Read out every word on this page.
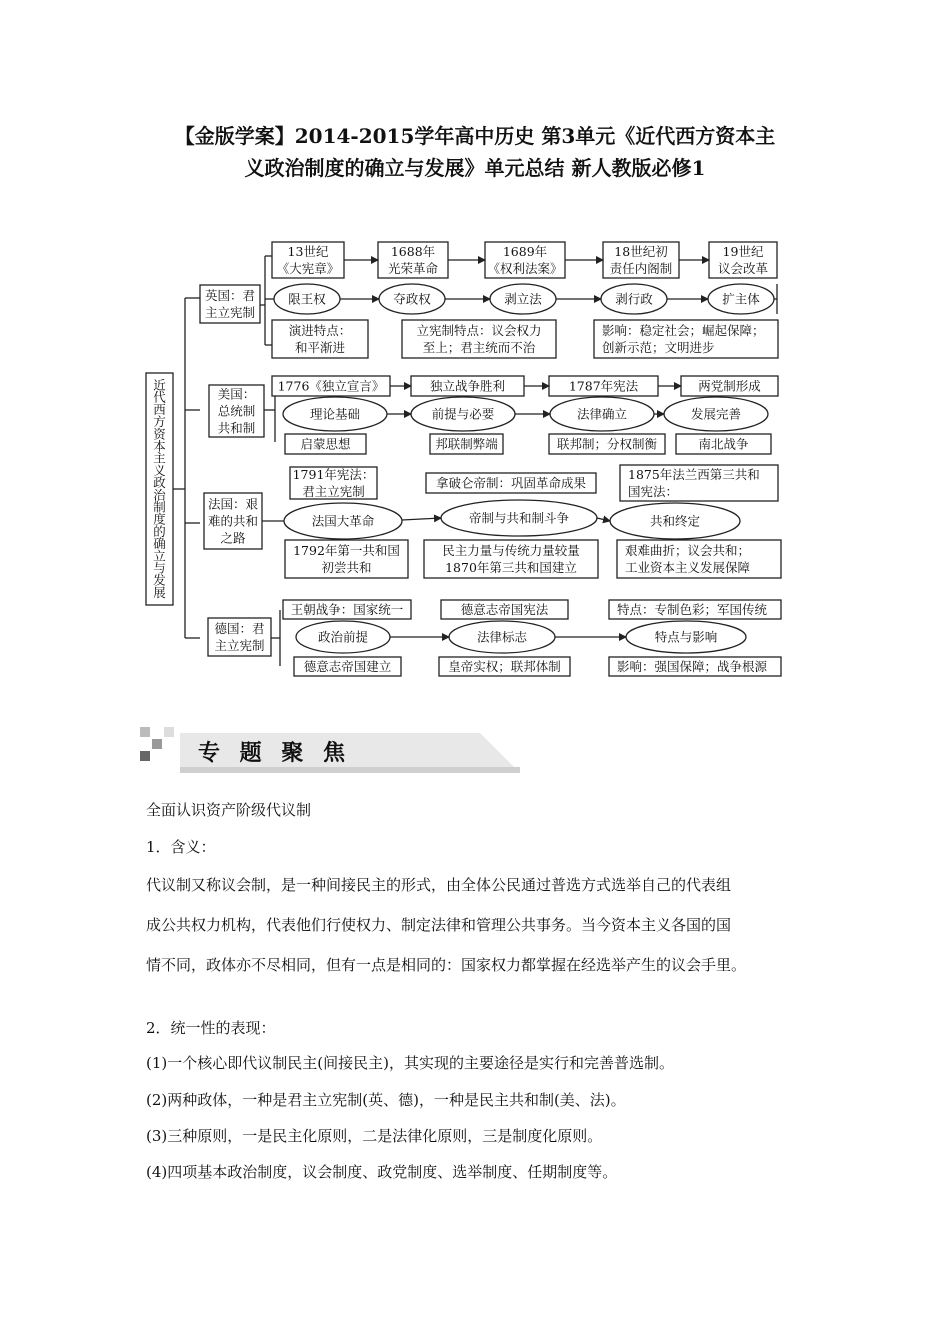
【金版学案】2014-2015学年高中历史 第3单元《近代西方资本主
义政治制度的确立与发展》单元总结 新人教版必修1
近
代
西
方
资
本
主
义
政
治
制
度
的
确
立
与
发
展
英国：君
主立宪制
13世纪
《大宪章》
1688年
光荣革命
1689年
《权利法案》
18世纪初
责任内阁制
19世纪
议会改革
限王权	夺政权	剥立法	剥行政	扩主体
演进特点：
和平渐进
立宪制特点：议会权力
至上；君主统而不治
影响：稳定社会；崛起保障；
创新示范；文明进步
美国：
总统制
共和制
1776《独立宣言》	独立战争胜利	1787年宪法	两党制形成
理论基础	前提与必要	法律确立	发展完善
启蒙思想	邦联制弊端	联邦制；分权制衡	南北战争
法国：艰
难的共和
之路
1791年宪法：
君主立宪制
拿破仑帝制：巩固革命成果
1875年法兰西第三共和
国宪法：
法国大革命	帝制与共和制斗争	共和终定
1792年第一共和国
初尝共和
民主力量与传统力量较量
1870年第三共和国建立
艰难曲折；议会共和；
工业资本主义发展保障
德国：君
主立宪制
王朝战争：国家统一	德意志帝国宪法	特点：专制色彩；军国传统
政治前提	法律标志	特点与影响
德意志帝国建立	皇帝实权；联邦体制	影响：强国保障；战争根源
专 题 聚 焦
全面认识资产阶级代议制
1．含义：
代议制又称议会制，是一种间接民主的形式，由全体公民通过普选方式选举自己的代表组
成公共权力机构，代表他们行使权力、制定法律和管理公共事务。当今资本主义各国的国
情不同，政体亦不尽相同，但有一点是相同的：国家权力都掌握在经选举产生的议会手里。
2．统一性的表现：
(1)一个核心即代议制民主(间接民主)，其实现的主要途径是实行和完善普选制。
(2)两种政体，一种是君主立宪制(英、德)，一种是民主共和制(美、法)。
(3)三种原则，一是民主化原则，二是法律化原则，三是制度化原则。
(4)四项基本政治制度，议会制度、政党制度、选举制度、任期制度等。
